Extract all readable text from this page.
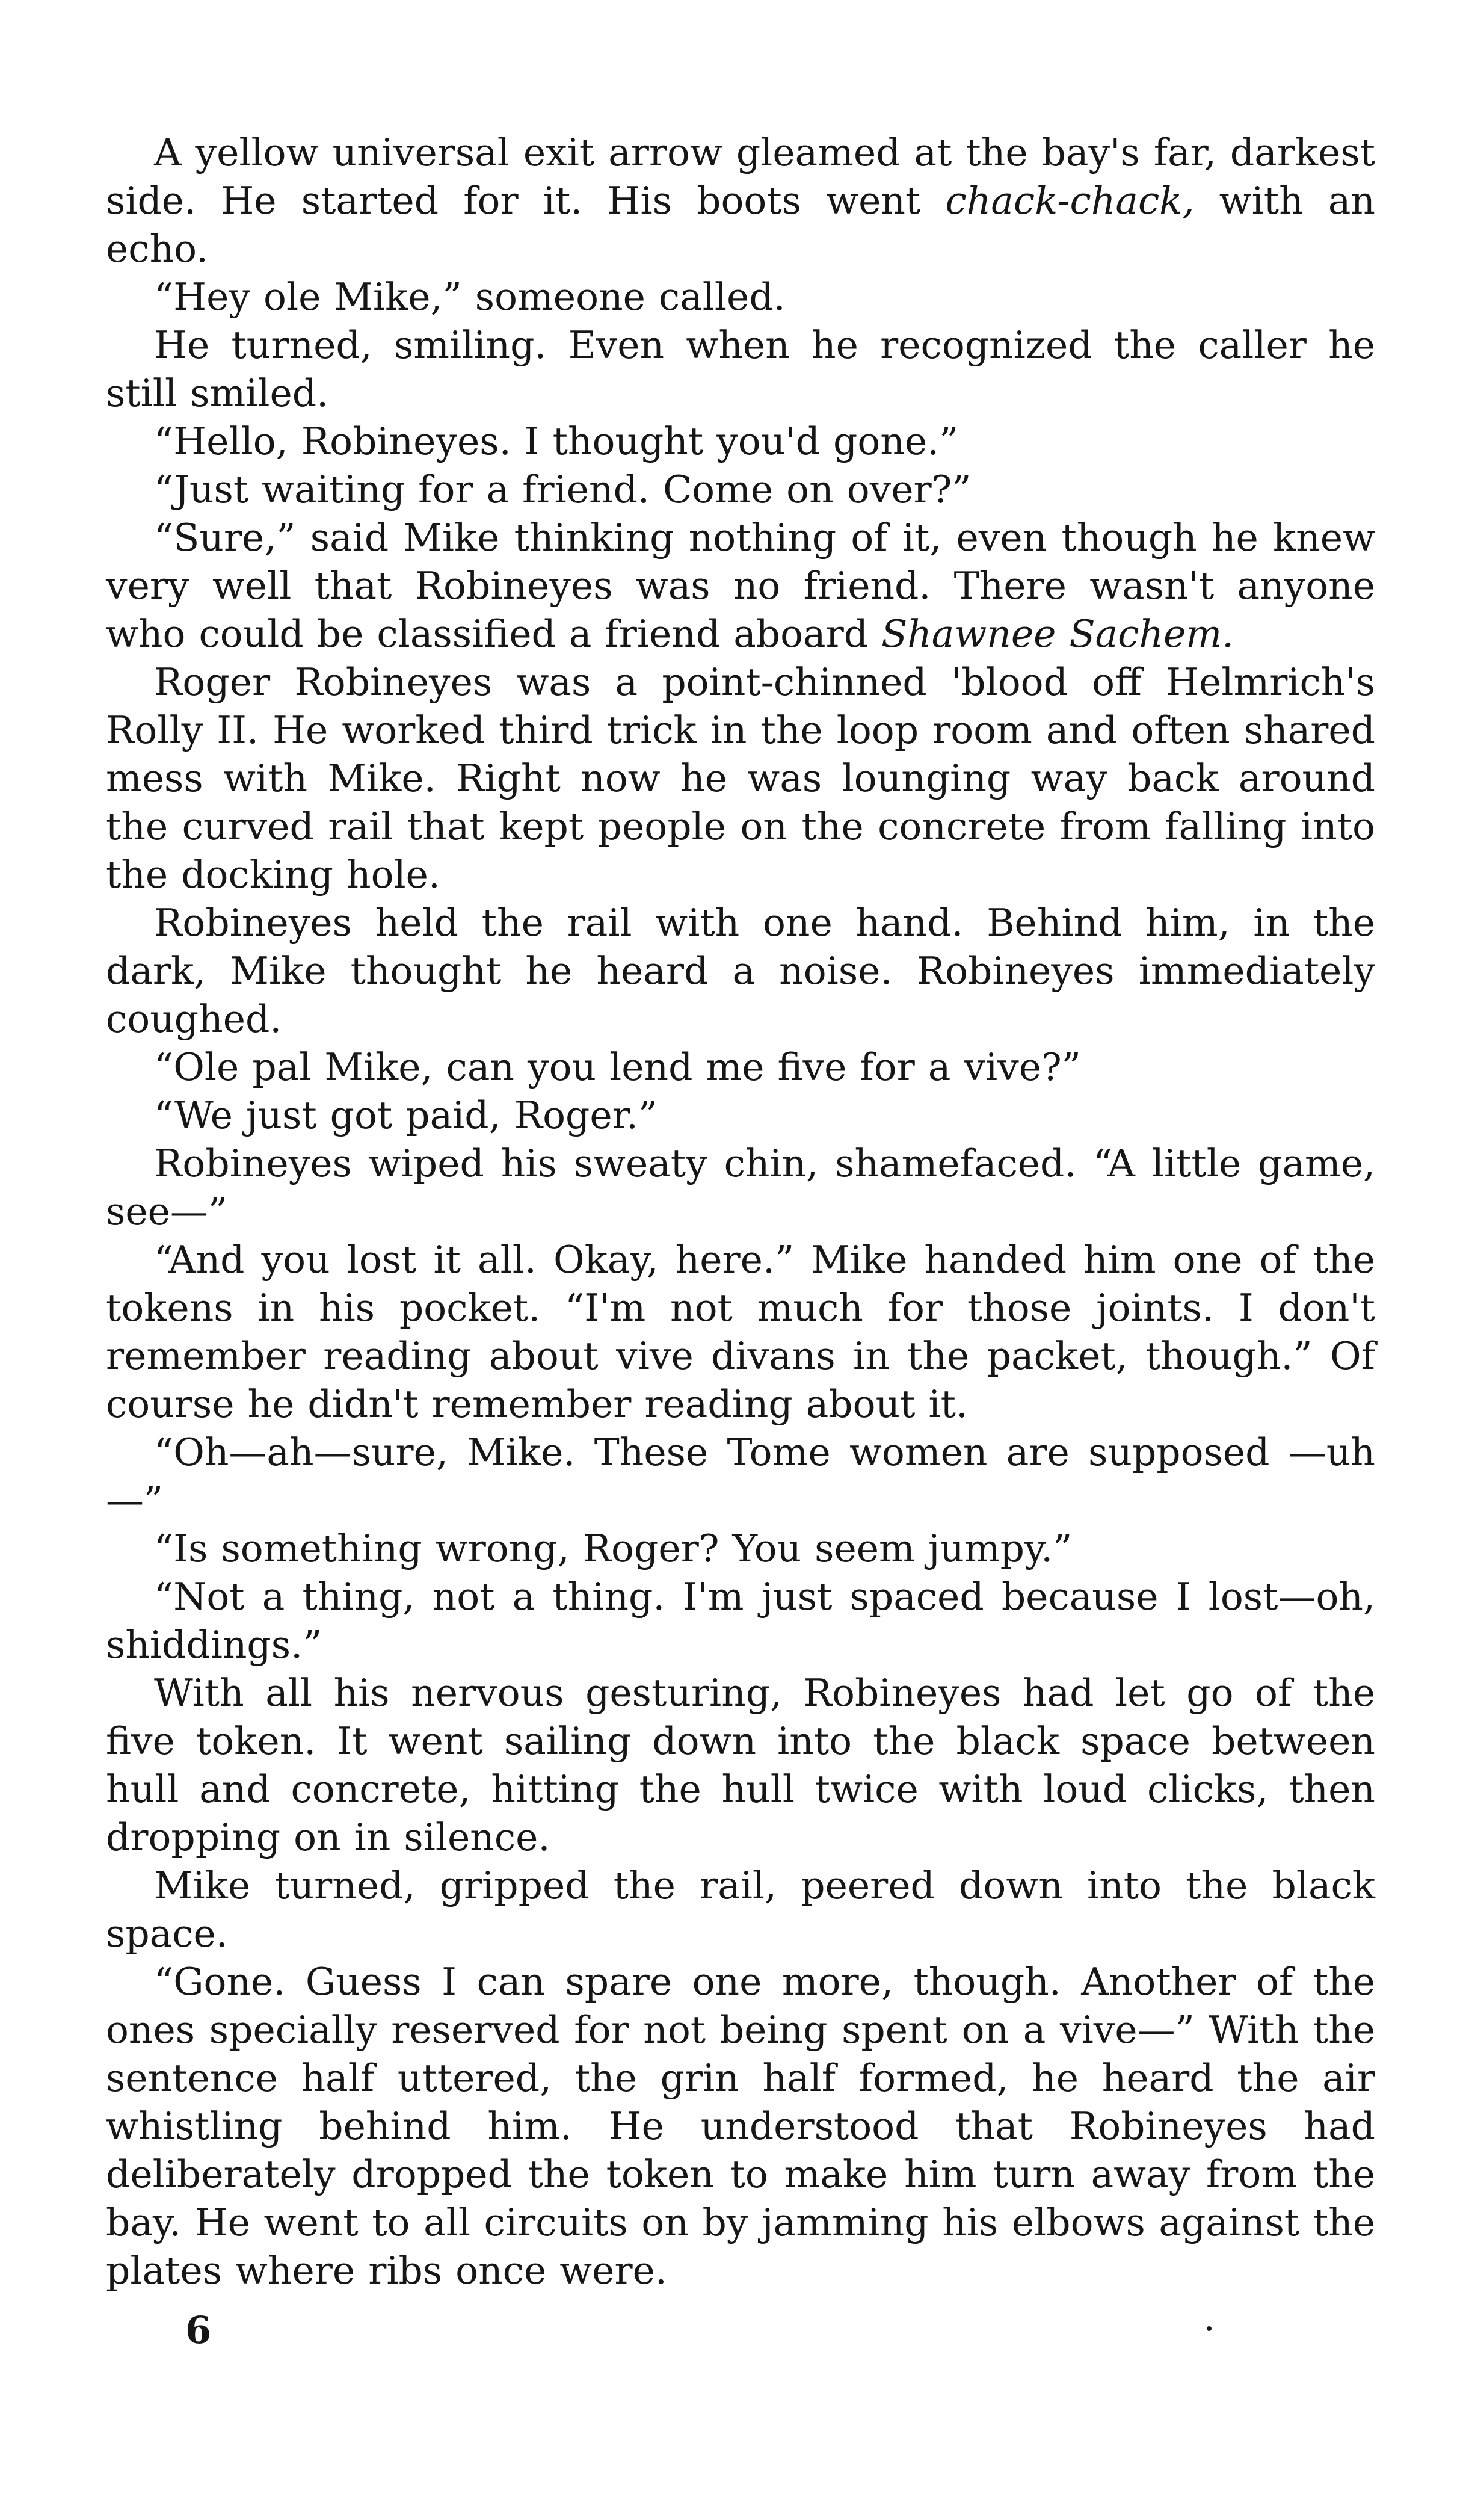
A yellow universal exit arrow gleamed at the bay's far, darkest side. He started for it. His boots went chack-chack, with an echo.

“Hey ole Mike,” someone called.

He turned, smiling. Even when he recognized the caller he still smiled.

“Hello, Robineyes. I thought you'd gone.”

“Just waiting for a friend. Come on over?”

“Sure,” said Mike thinking nothing of it, even though he knew very well that Robineyes was no friend. There wasn't anyone who could be classified a friend aboard Shawnee Sachem.

Roger Robineyes was a point-chinned 'blood off Helmrich's Rolly II. He worked third trick in the loop room and often shared mess with Mike. Right now he was lounging way back around the curved rail that kept people on the concrete from falling into the docking hole.

Robineyes held the rail with one hand. Behind him, in the dark, Mike thought he heard a noise. Robineyes immediately coughed.

“Ole pal Mike, can you lend me five for a vive?”

“We just got paid, Roger.”

Robineyes wiped his sweaty chin, shamefaced. “A little game, see—”

“And you lost it all. Okay, here.” Mike handed him one of the tokens in his pocket. “I'm not much for those joints. I don't remember reading about vive divans in the packet, though.” Of course he didn't remember reading about it.

“Oh—ah—sure, Mike. These Tome women are supposed —uh—”

“Is something wrong, Roger? You seem jumpy.”

“Not a thing, not a thing. I'm just spaced because I lost—oh, shiddings.”

With all his nervous gesturing, Robineyes had let go of the five token. It went sailing down into the black space between hull and concrete, hitting the hull twice with loud clicks, then dropping on in silence.

Mike turned, gripped the rail, peered down into the black space.

“Gone. Guess I can spare one more, though. Another of the ones specially reserved for not being spent on a vive—” With the sentence half uttered, the grin half formed, he heard the air whistling behind him. He understood that Robineyes had deliberately dropped the token to make him turn away from the bay. He went to all circuits on by jamming his elbows against the plates where ribs once were.

6
